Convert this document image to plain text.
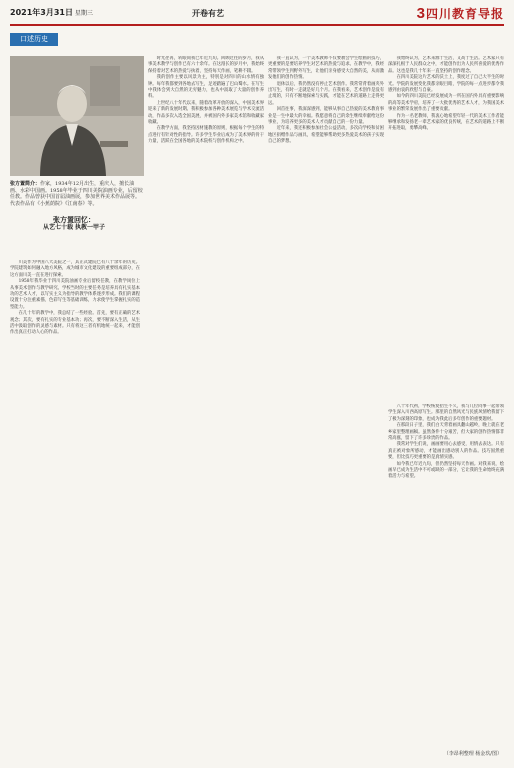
2021年3月31日 星期三	开卷有艺	3 四川教育导报
口述历史
张方置简介：作家，1934年12月出生，重庆人，擅长油画、水彩中国画。1958年毕业于四川美院油画专业，后留校任教。作品曾获中国首届油画展，参加世界美术作品展等。代表作品有《小蕉荫院》《江南春》等。
张方置回忆：
从艺七十载 执教一甲子

川美作为中国八大美院之一，其正式建院已有八十余年的历史。学院建筑如何融入地方风格，成为城市文化建设的重要组成部分，在这方面川美一直在进行探索。

1958年我毕业于四川美院油画专业后留校任教，在教学岗位上从事美术创作与教学研究。学校当时的主要任务是培养具有扎实基本功的艺术人才，以写实主义为指导的教学体系逐步形成。我们的课程设置十分注重素描、色彩写生等基础训练，力求使学生掌握扎实的造型能力。

在几十年的教学中，我总结了一些经验。首先，要有正确的艺术观念；其次，要有扎实的专业基本功；再次，要不断深入生活，从生活中汲取创作的灵感与素材。只有将这三者有机地统一起来，才能创作出真正打动人心的作品。

时光荏苒，转眼间我已年近九旬。回顾过往的岁月，我从事美术教学与创作已有六十余年。在这漫长的岁月中，我始终保持着对艺术的热爱与执着，坚持每天作画，笔耕不辍。

我的创作主要以风景为主，特别是对四川的山水情有独钟。每年我都要到各地去写生，足迹踏遍了巴山蜀水。在写生中我体会到大自然的无穷魅力，也从中汲取了大量的创作养料。

上世纪八十年代以来，随着改革开放的深入，中国美术界迎来了新的发展时期。我积极参加各种美术展览与学术交流活动，作品多次入选全国美展，并被国内外多家美术馆和收藏家收藏。

在教学方面，我坚持因材施教的原则，根据每个学生的特点进行有针对性的指导。许多学生毕业后成为了美术界的骨干力量，活跃在全国各地的美术院校与创作机构之中。

我一直认为，一个美术教师不仅要教会学生绘画的技巧，更重要的是要培养学生对艺术的热爱与追求。在教学中，我经常带领学生到野外写生，让他们亲身感受大自然的美，从而激发他们的创作热情。

退休以后，我仍然没有停止艺术创作。我常常背着画夹外出写生，有时一走就是好几个月。在我看来，艺术创作是没有止境的，只有不断地探索与实践，才能在艺术的道路上走得更远。

回首往事，我深深感到，能够从事自己热爱的美术教育事业是一生中最大的幸福。我愿意将自己的余生继续奉献给这份事业，为培养更多的美术人才贡献自己的一份力量。

近年来，我还积极参加社会公益活动，多次向学校和贫困地区捐赠作品与画具，希望能够帮助更多热爱美术的孩子实现自己的梦想。

我始终认为，艺术来源于生活，又高于生活。艺术家只有深深扎根于人民群众之中，才能创作出为人民所喜爱的优秀作品。这也是我几十年来一直坚持的创作理念。

在四川美院这片艺术的沃土上，我度过了自己大半生的时光。学院的发展变化我都亲眼目睹，学院的每一点进步都令我感到由衷的欣慰与自豪。

如今的四川美院已经发展成为一所在国内外具有重要影响的高等美术学府，培养了一大批优秀的艺术人才，为我国美术事业的繁荣发展作出了重要贡献。

作为一名老教师，我衷心地希望年轻一代的美术工作者能够继承和发扬老一辈艺术家的优良传统，在艺术的道路上不断开拓进取，勇攀高峰。

八十年代初，学校恢复招生不久，我与几位同事一起带领学生深入川西高原写生。那里的自然风光与民族风情给我留下了极为深刻的印象，也成为我此后多年创作的重要题材。

在那段日子里，我们白天背着画具翻山越岭，晚上就在老乡家里整理画稿。虽然条件十分艰苦，但大家的创作热情都非常高涨，留下了许多珍贵的作品。

我常对学生们说，画画要用心去感受，用情去表达。只有真正被对象所感动，才能画出感动别人的作品。技巧固然重要，但比技巧更重要的是真情实感。

如今我已年近九旬，但仍然坚持每天作画。对我来说，绘画早已成为生活中不可或缺的一部分，它让我的生命始终充满着活力与希望。

（李昂利整理 杨金玖/图）
